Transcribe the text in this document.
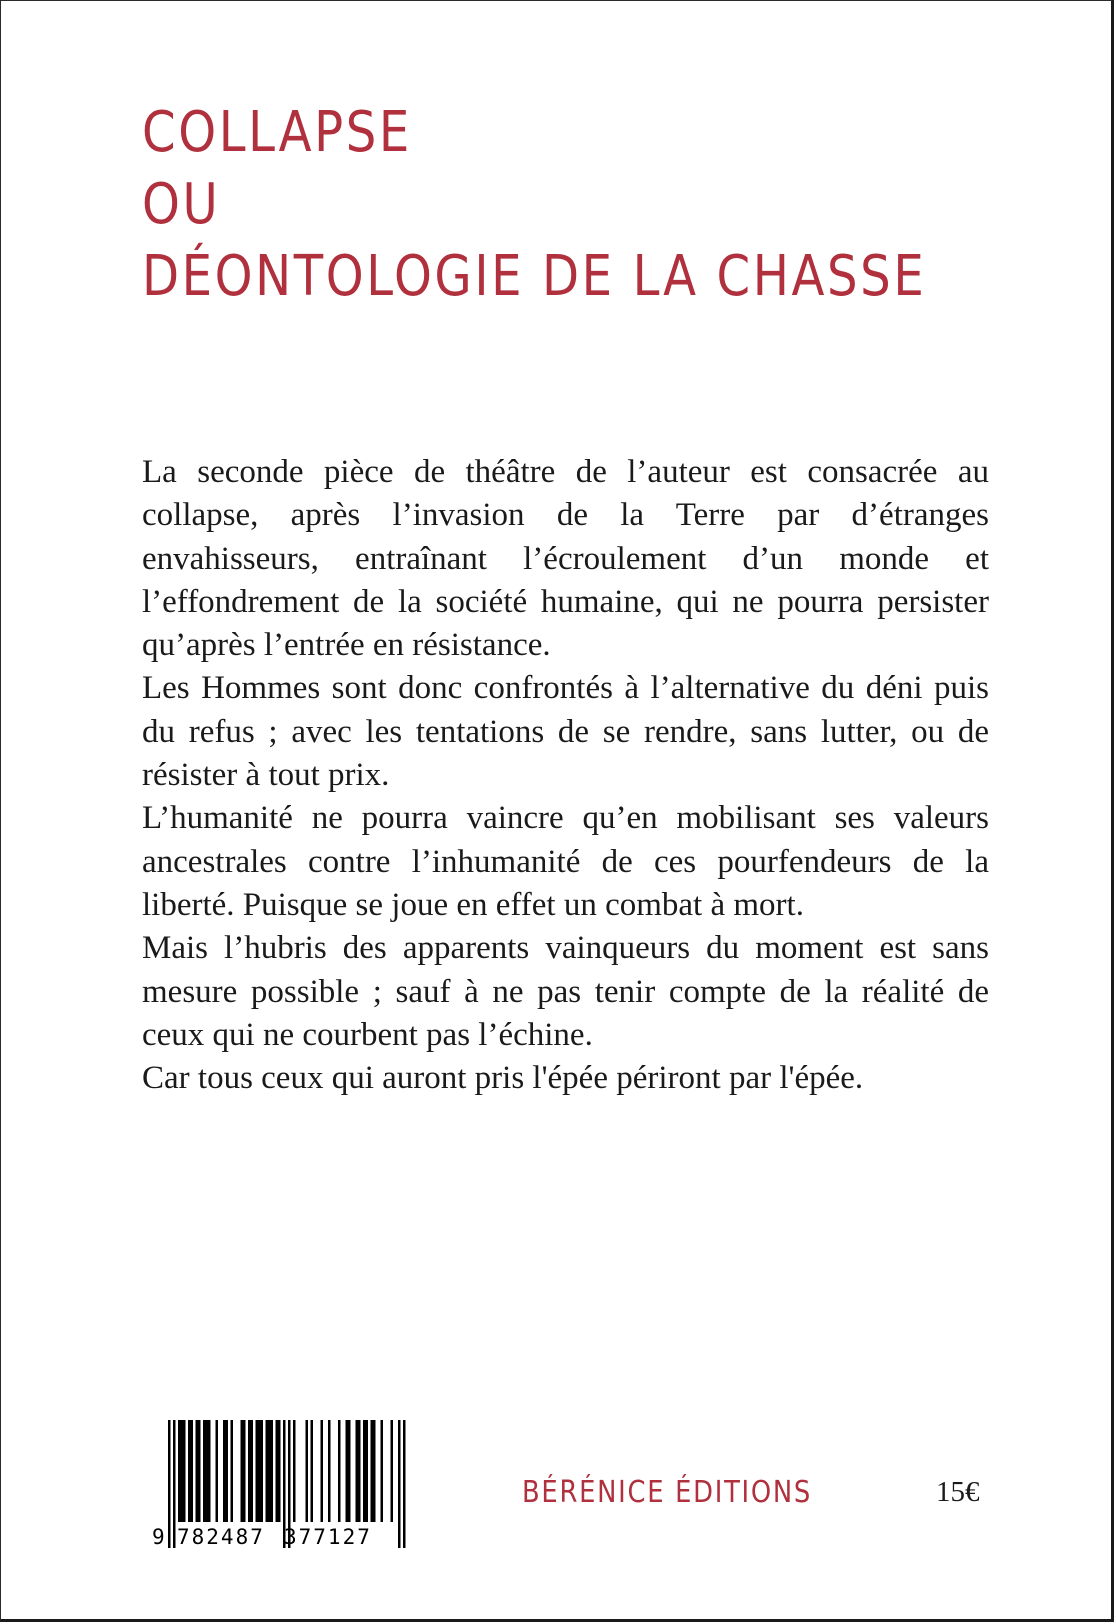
COLLAPSE
OU
DÉONTOLOGIE DE LA CHASSE

La seconde pièce de théâtre de l’auteur est consacrée au collapse, après l’invasion de la Terre par d’étranges envahisseurs, entraînant l’écroulement d’un monde et l’effondrement de la société humaine, qui ne pourra persister qu’après l’entrée en résistance.

Les Hommes sont donc confrontés à l’alternative du déni puis du refus ; avec les tentations de se rendre, sans lutter, ou de résister à tout prix.

L’humanité ne pourra vaincre qu’en mobilisant ses valeurs ancestrales contre l’inhumanité de ces pourfendeurs de la liberté. Puisque se joue en effet un combat à mort.

Mais l’hubris des apparents vainqueurs du moment est sans mesure possible ; sauf à ne pas tenir compte de la réalité de ceux qui ne courbent pas l’échine.

Car tous ceux qui auront pris l'épée périront par l'épée.

9 782487 377127
BÉRÉNICE ÉDITIONS	15€
